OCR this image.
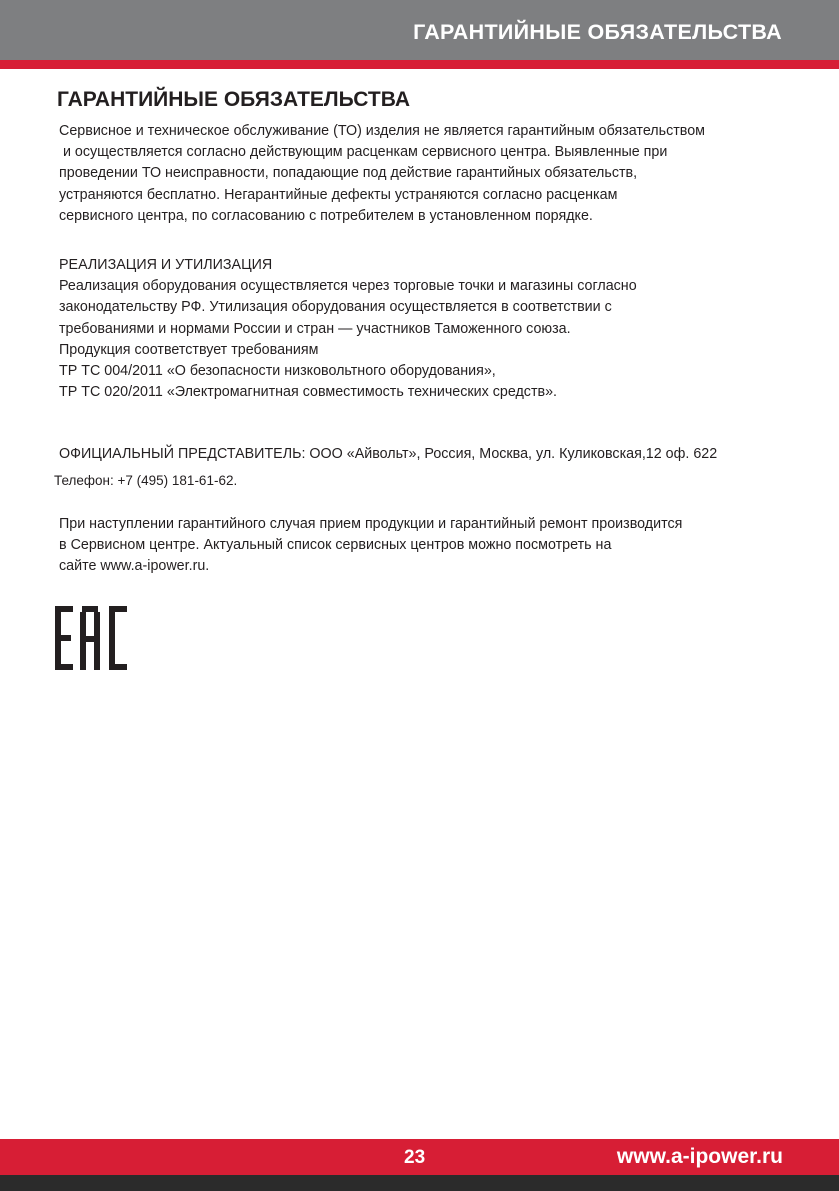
ГАРАНТИЙНЫЕ ОБЯЗАТЕЛЬСТВА
ГАРАНТИЙНЫЕ ОБЯЗАТЕЛЬСТВА
Сервисное и техническое обслуживание (ТО) изделия не является гарантийным обязательством
и осуществляется согласно действующим расценкам сервисного центра. Выявленные при
проведении ТО неисправности, попадающие под действие гарантийных обязательств,
устраняются бесплатно. Негарантийные дефекты устраняются согласно расценкам
сервисного центра, по согласованию с потребителем в установленном порядке.
РЕАЛИЗАЦИЯ И УТИЛИЗАЦИЯ
Реализация оборудования осуществляется через торговые точки и магазины согласно
законодательству РФ. Утилизация оборудования осуществляется в соответствии с
требованиями и нормами России и стран — участников Таможенного союза.
Продукция соответствует требованиям
ТР ТС 004/2011 «О безопасности низковольтного оборудования»,
ТР ТС 020/2011 «Электромагнитная совместимость технических средств».
ОФИЦИАЛЬНЫЙ ПРЕДСТАВИТЕЛЬ: ООО «Айвольт», Россия, Москва, ул. Куликовская,12 оф. 622
Телефон: +7 (495) 181-61-62.
При наступлении гарантийного случая прием продукции и гарантийный ремонт производится
в Сервисном центре. Актуальный список сервисных центров можно посмотреть на
сайте www.a-ipower.ru.
23	www.a-ipower.ru
